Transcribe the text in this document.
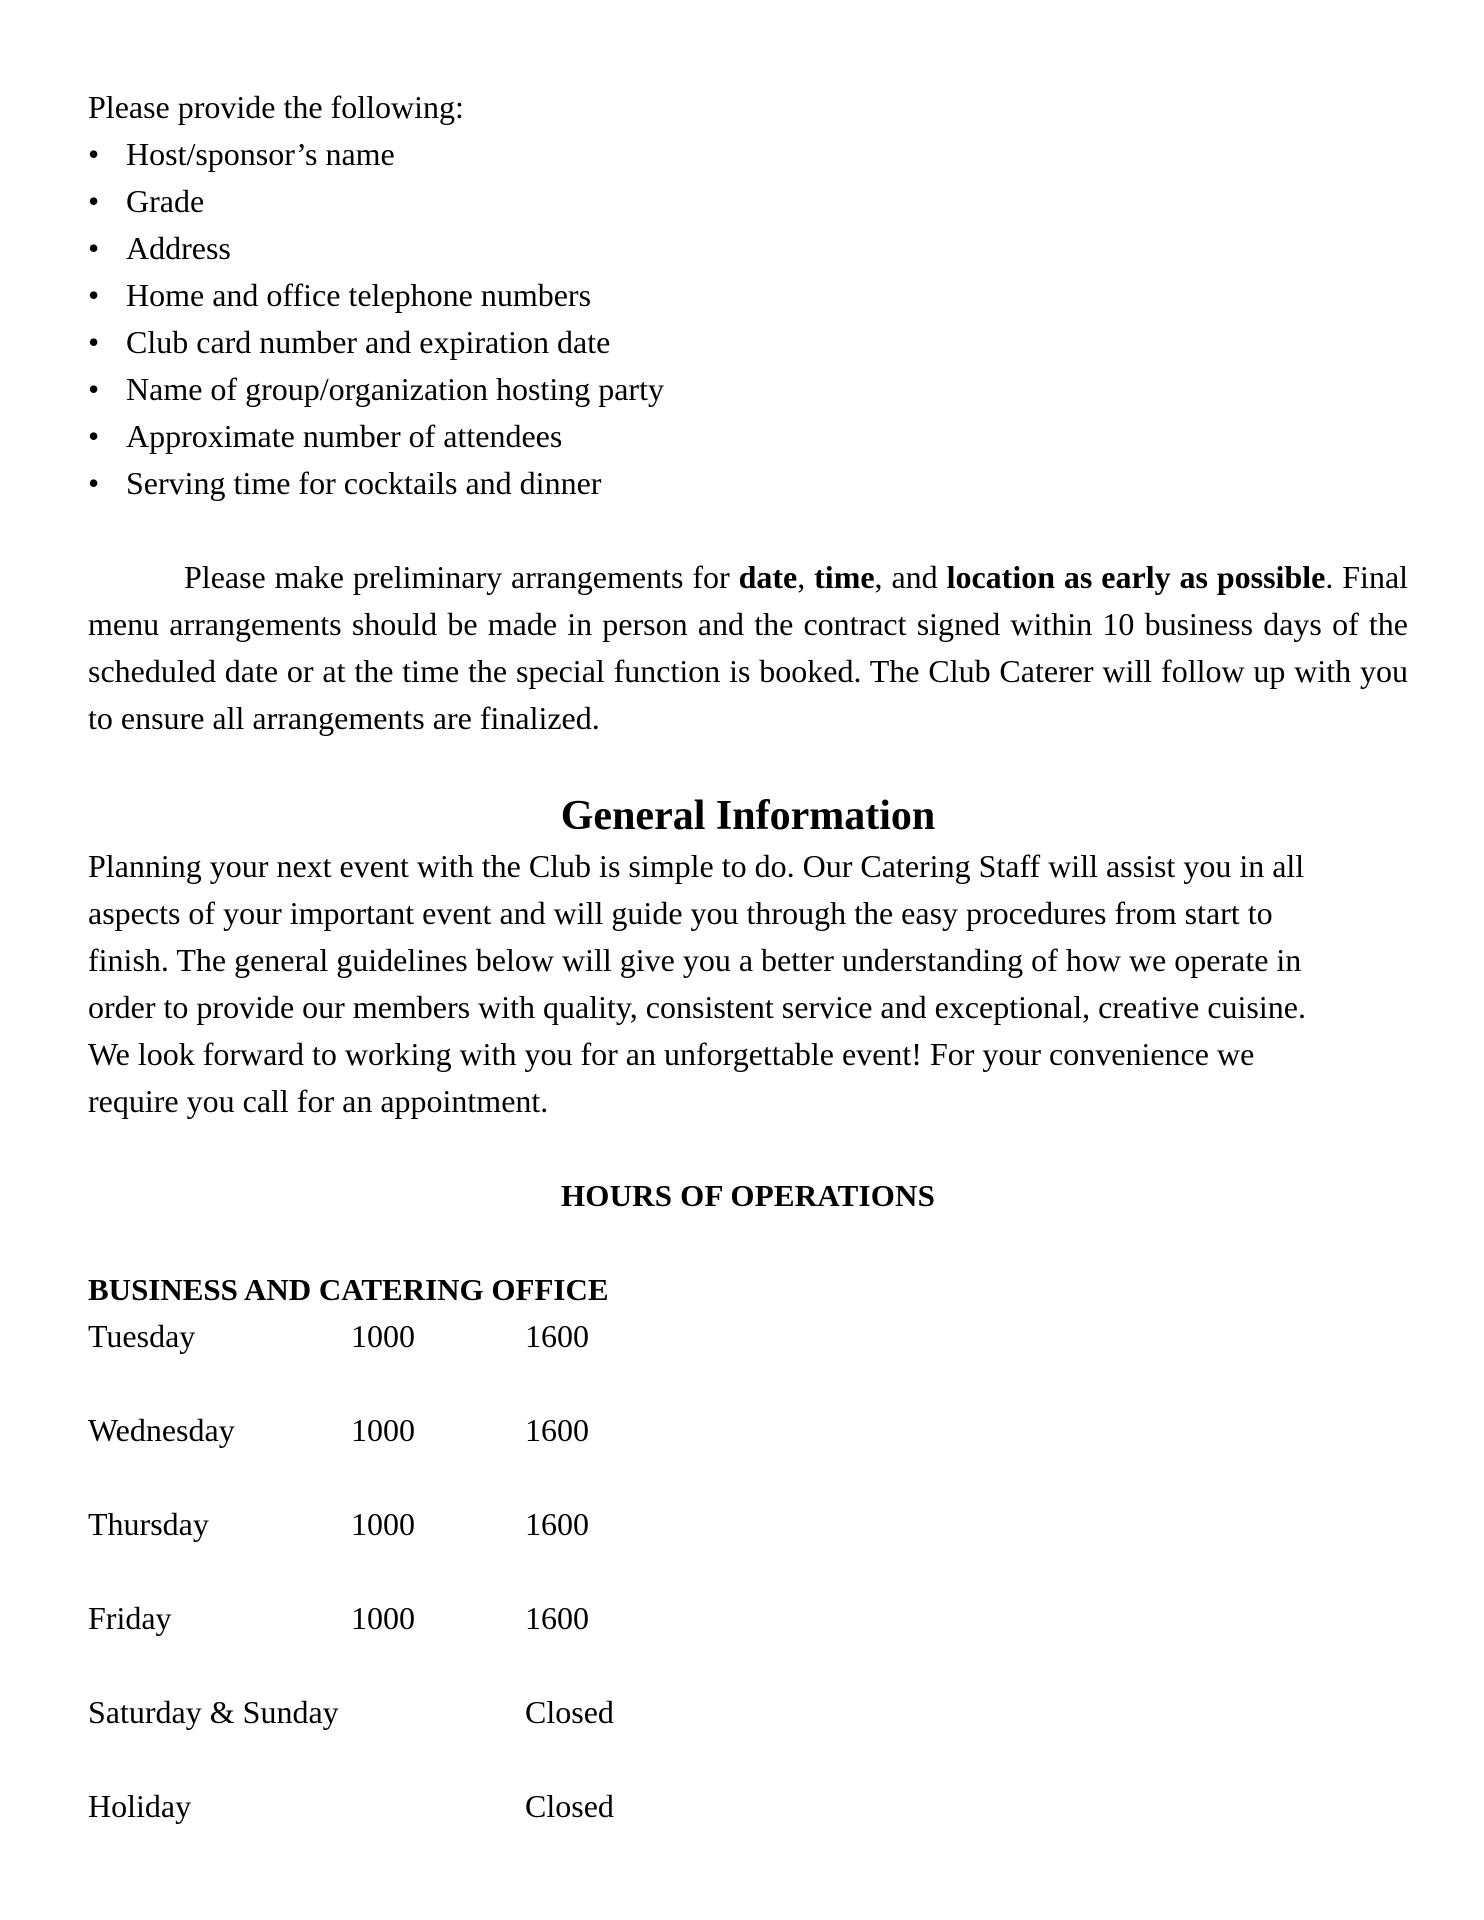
Please provide the following:
• Host/sponsor’s name
• Grade
• Address
• Home and office telephone numbers
• Club card number and expiration date
• Name of group/organization hosting party
• Approximate number of attendees
• Serving time for cocktails and dinner

Please make preliminary arrangements for date, time, and location as early as possible. Final menu arrangements should be made in person and the contract signed within 10 business days of the scheduled date or at the time the special function is booked. The Club Caterer will follow up with you to ensure all arrangements are finalized.

General Information

Planning your next event with the Club is simple to do. Our Catering Staff will assist you in all
aspects of your important event and will guide you through the easy procedures from start to
finish. The general guidelines below will give you a better understanding of how we operate in
order to provide our members with quality, consistent service and exceptional, creative cuisine.
We look forward to working with you for an unforgettable event! For your convenience we
require you call for an appointment.

HOURS OF OPERATIONS
BUSINESS AND CATERING OFFICE
Tuesday	1000	1600
Wednesday	1000	1600
Thursday	1000	1600
Friday	1000	1600
Saturday & Sunday	Closed
Holiday	Closed
